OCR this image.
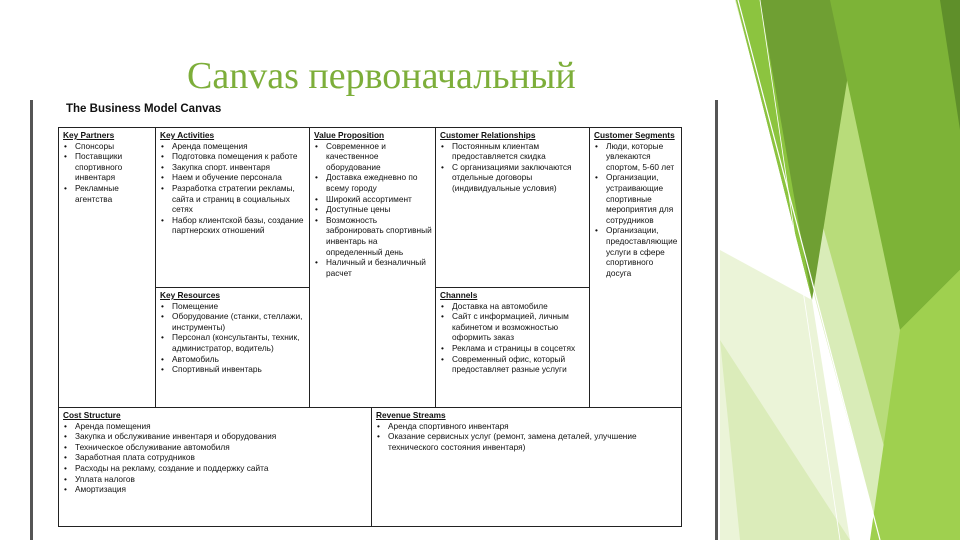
Canvas первоначальный
The Business Model Canvas
Key Partners
• Спонсоры
• Поставщики спортивного инвентаря
• Рекламные агентства
Key Activities
• Аренда помещения
• Подготовка помещения к работе
• Закупка спорт. инвентаря
• Наем и обучение персонала
• Разработка стратегии рекламы, сайта и страниц в социальных сетях
• Набор клиентской базы, создание партнерских отношений
Key Resources
• Помещение
• Оборудование (станки, стеллажи, инструменты)
• Персонал (консультанты, техник, администратор, водитель)
• Автомобиль
• Спортивный инвентарь
Value Proposition
• Современное и качественное оборудование
• Доставка ежедневно по всему городу
• Широкий ассортимент
• Доступные цены
• Возможность забронировать спортивный инвентарь на определенный день
• Наличный и безналичный расчет
Customer Relationships
• Постоянным клиентам предоставляется скидка
• С организациями заключаются отдельные договоры (индивидуальные условия)
Channels
• Доставка на автомобиле
• Сайт с информацией, личным кабинетом и возможностью оформить заказ
• Реклама и страницы в соцсетях
• Современный офис, который предоставляет разные услуги
Customer Segments
• Люди, которые увлекаются спортом, 5-60 лет
• Организации, устраивающие спортивные мероприятия для сотрудников
• Организации, предоставляющие услуги в сфере спортивного досуга
Cost Structure
• Аренда помещения
• Закупка и обслуживание инвентаря и оборудования
• Техническое обслуживание автомобиля
• Заработная плата сотрудников
• Расходы на рекламу, создание и поддержку сайта
• Уплата налогов
• Амортизация
Revenue Streams
• Аренда спортивного инвентаря
• Оказание сервисных услуг (ремонт, замена деталей, улучшение технического состояния инвентаря)
